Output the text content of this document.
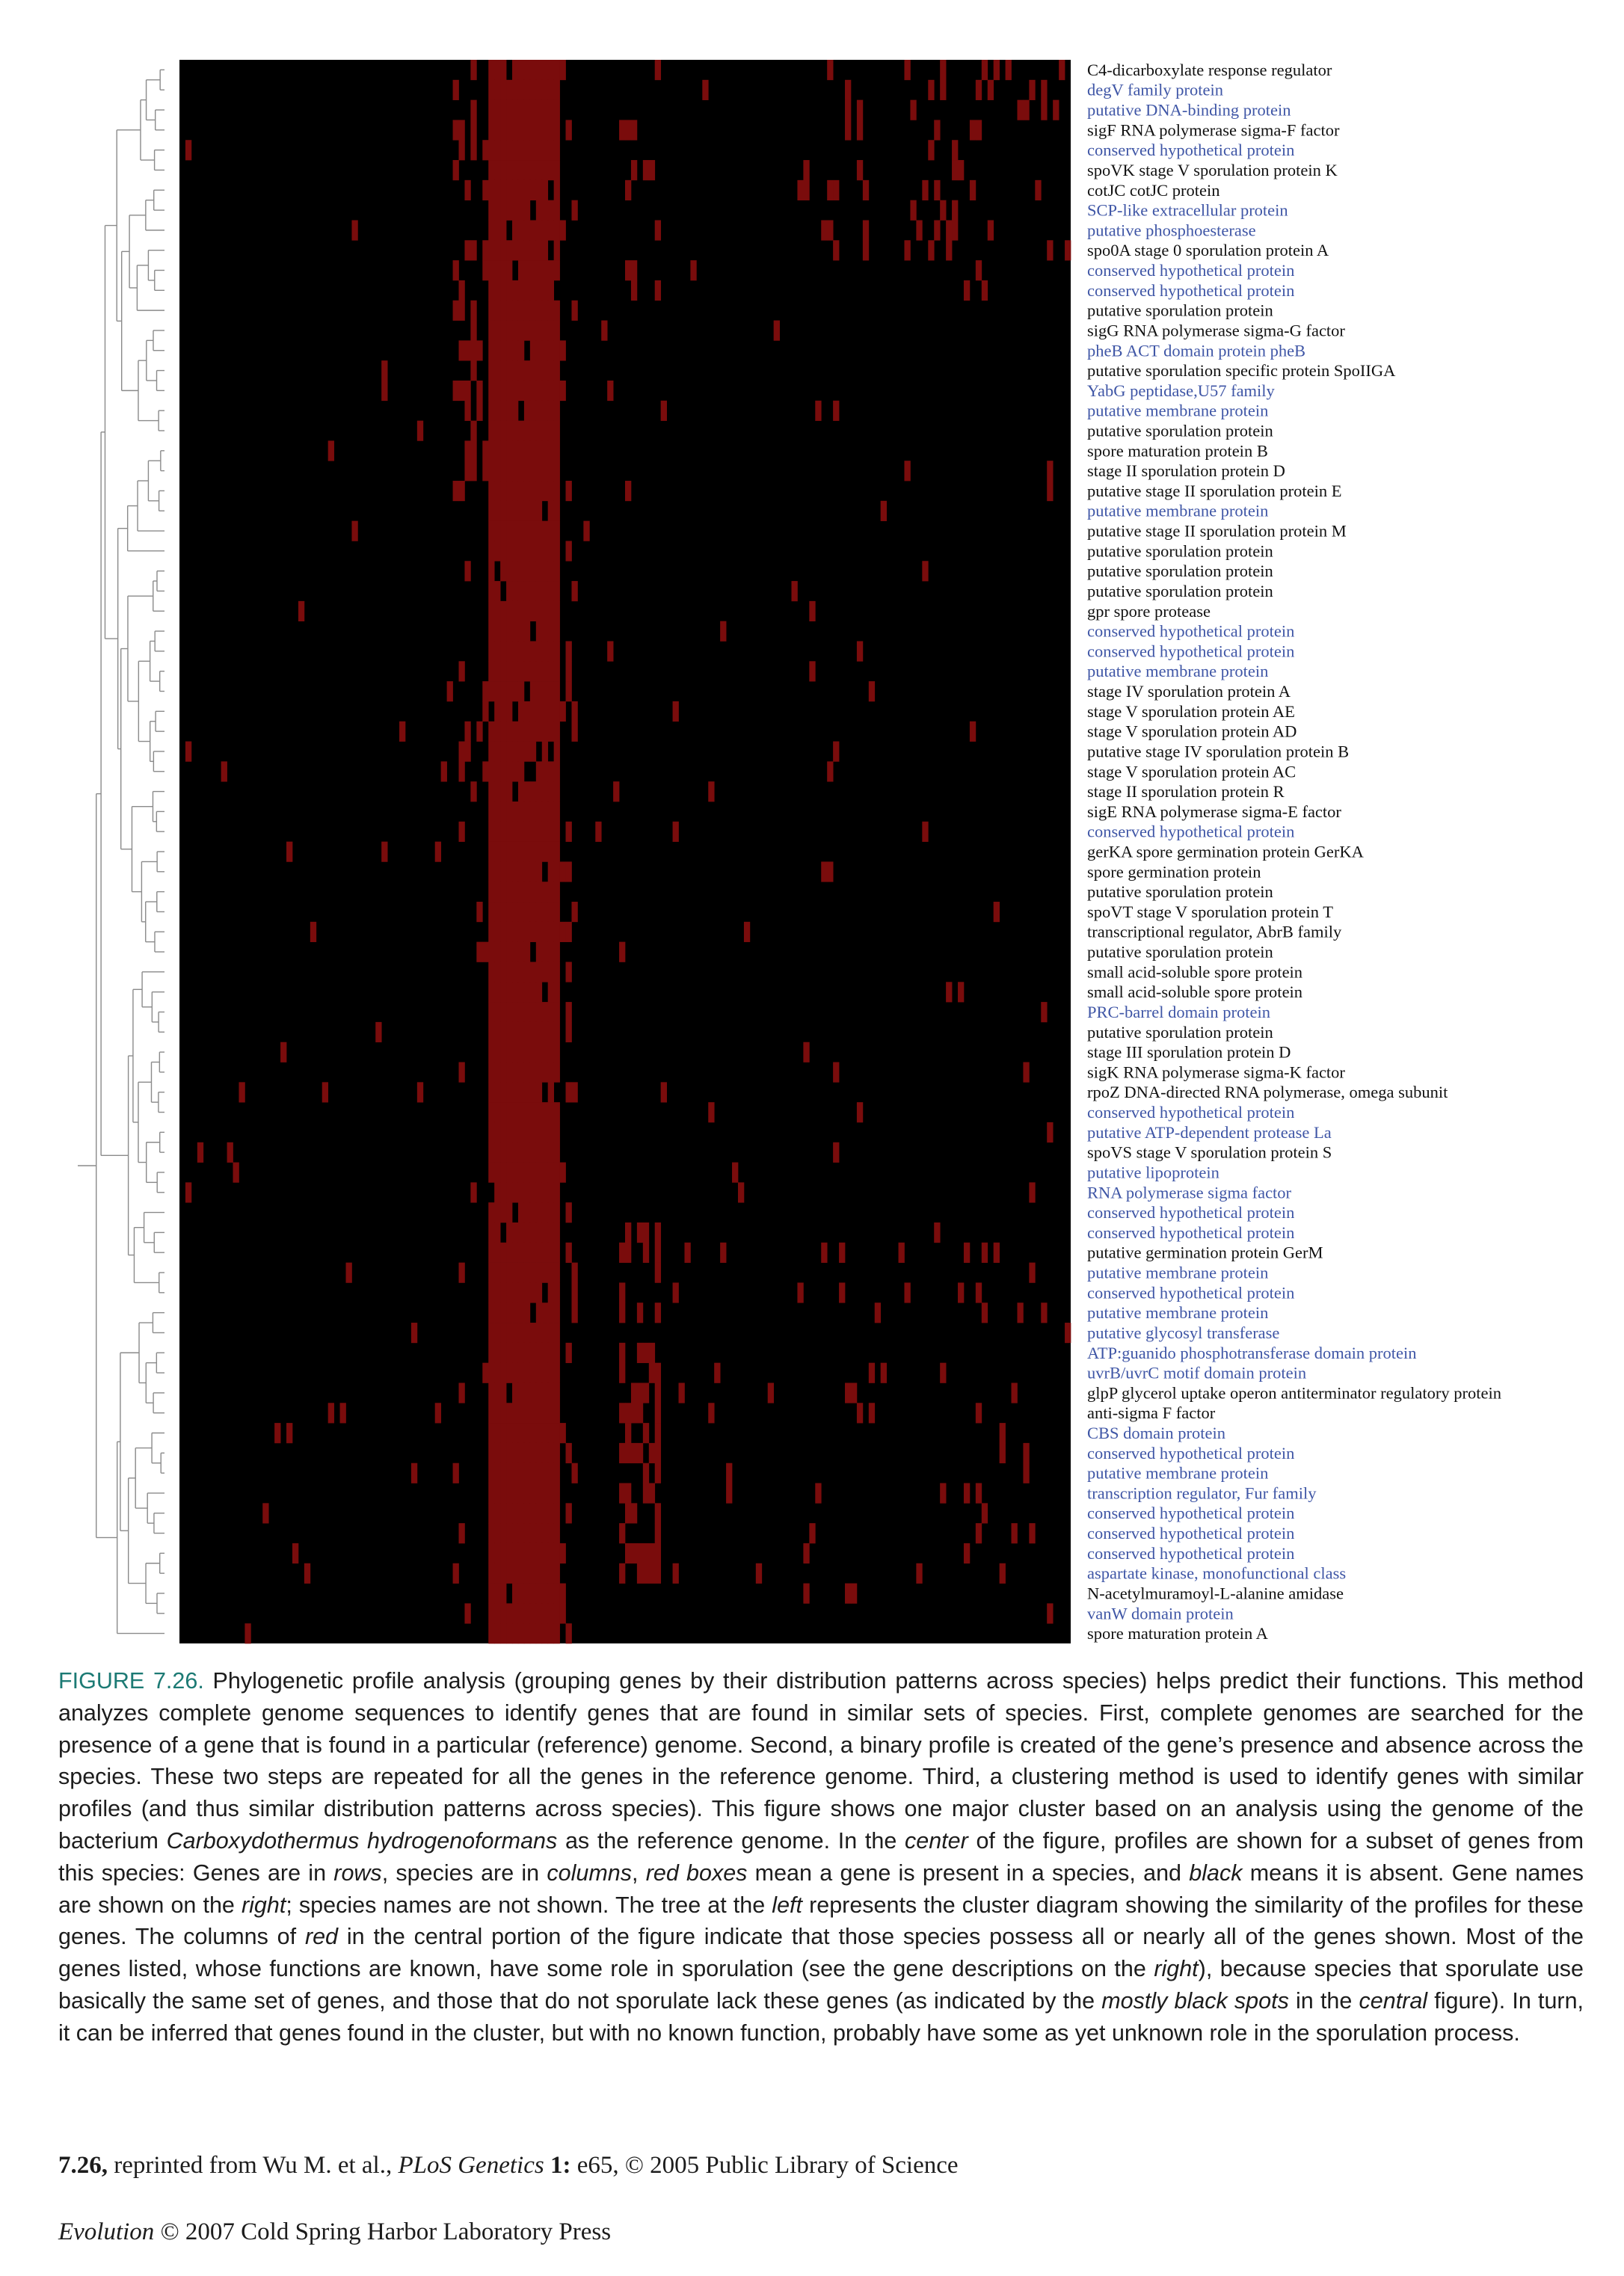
C4-dicarboxylate response regulator
degV family protein
putative DNA-binding protein
sigF RNA polymerase sigma-F factor
conserved hypothetical protein
spoVK stage V sporulation protein K
cotJC cotJC protein
SCP-like extracellular protein
putative phosphoesterase
spo0A stage 0 sporulation protein A
conserved hypothetical protein
conserved hypothetical protein
putative sporulation protein
sigG RNA polymerase sigma-G factor
pheB ACT domain protein pheB
putative sporulation specific protein SpoIIGA
YabG peptidase,U57 family
putative membrane protein
putative sporulation protein
spore maturation protein B
stage II sporulation protein D
putative stage II sporulation protein E
putative membrane protein
putative stage II sporulation protein M
putative sporulation protein
putative sporulation protein
putative sporulation protein
gpr spore protease
conserved hypothetical protein
conserved hypothetical protein
putative membrane protein
stage IV sporulation protein A
stage V sporulation protein AE
stage V sporulation protein AD
putative stage IV sporulation protein B
stage V sporulation protein AC
stage II sporulation protein R
sigE RNA polymerase sigma-E factor
conserved hypothetical protein
gerKA spore germination protein GerKA
spore germination protein
putative sporulation protein
spoVT stage V sporulation protein T
transcriptional regulator, AbrB family
putative sporulation protein
small acid-soluble spore protein
small acid-soluble spore protein
PRC-barrel domain protein
putative sporulation protein
stage III sporulation protein D
sigK RNA polymerase sigma-K factor
rpoZ DNA-directed RNA polymerase, omega subunit
conserved hypothetical protein
putative ATP-dependent protease La
spoVS stage V sporulation protein S
putative lipoprotein
RNA polymerase sigma factor
conserved hypothetical protein
conserved hypothetical protein
putative germination protein GerM
putative membrane protein
conserved hypothetical protein
putative membrane protein
putative glycosyl transferase
ATP:guanido phosphotransferase domain protein
uvrB/uvrC motif domain protein
glpP glycerol uptake operon antiterminator regulatory protein
anti-sigma F factor
CBS domain protein
conserved hypothetical protein
putative membrane protein
transcription regulator, Fur family
conserved hypothetical protein
conserved hypothetical protein
conserved hypothetical protein
aspartate kinase, monofunctional class
N-acetylmuramoyl-L-alanine amidase
vanW domain protein
spore maturation protein A

FIGURE 7.26. Phylogenetic profile analysis (grouping genes by their distribution patterns across species) helps predict their functions. This method analyzes complete genome sequences to identify genes that are found in similar sets of species. First, complete genomes are searched for the presence of a gene that is found in a particular (reference) genome. Second, a binary profile is created of the gene’s presence and absence across the species. These two steps are repeated for all the genes in the reference genome. Third, a clustering method is used to identify genes with similar profiles (and thus similar distribution patterns across species). This figure shows one major cluster based on an analysis using the genome of the bacterium Carboxydothermus hydrogenoformans as the reference genome. In the center of the figure, profiles are shown for a subset of genes from this species: Genes are in rows, species are in columns, red boxes mean a gene is present in a species, and black means it is absent. Gene names are shown on the right; species names are not shown. The tree at the left represents the cluster diagram showing the similarity of the profiles for these genes. The columns of red in the central portion of the figure indicate that those species possess all or nearly all of the genes shown. Most of the genes listed, whose functions are known, have some role in sporulation (see the gene descriptions on the right), because species that sporulate use basically the same set of genes, and those that do not sporulate lack these genes (as indicated by the mostly black spots in the central figure). In turn, it can be inferred that genes found in the cluster, but with no known function, probably have some as yet unknown role in the sporulation process.

7.26, reprinted from Wu M. et al., PLoS Genetics 1: e65, © 2005 Public Library of Science

Evolution © 2007 Cold Spring Harbor Laboratory Press
